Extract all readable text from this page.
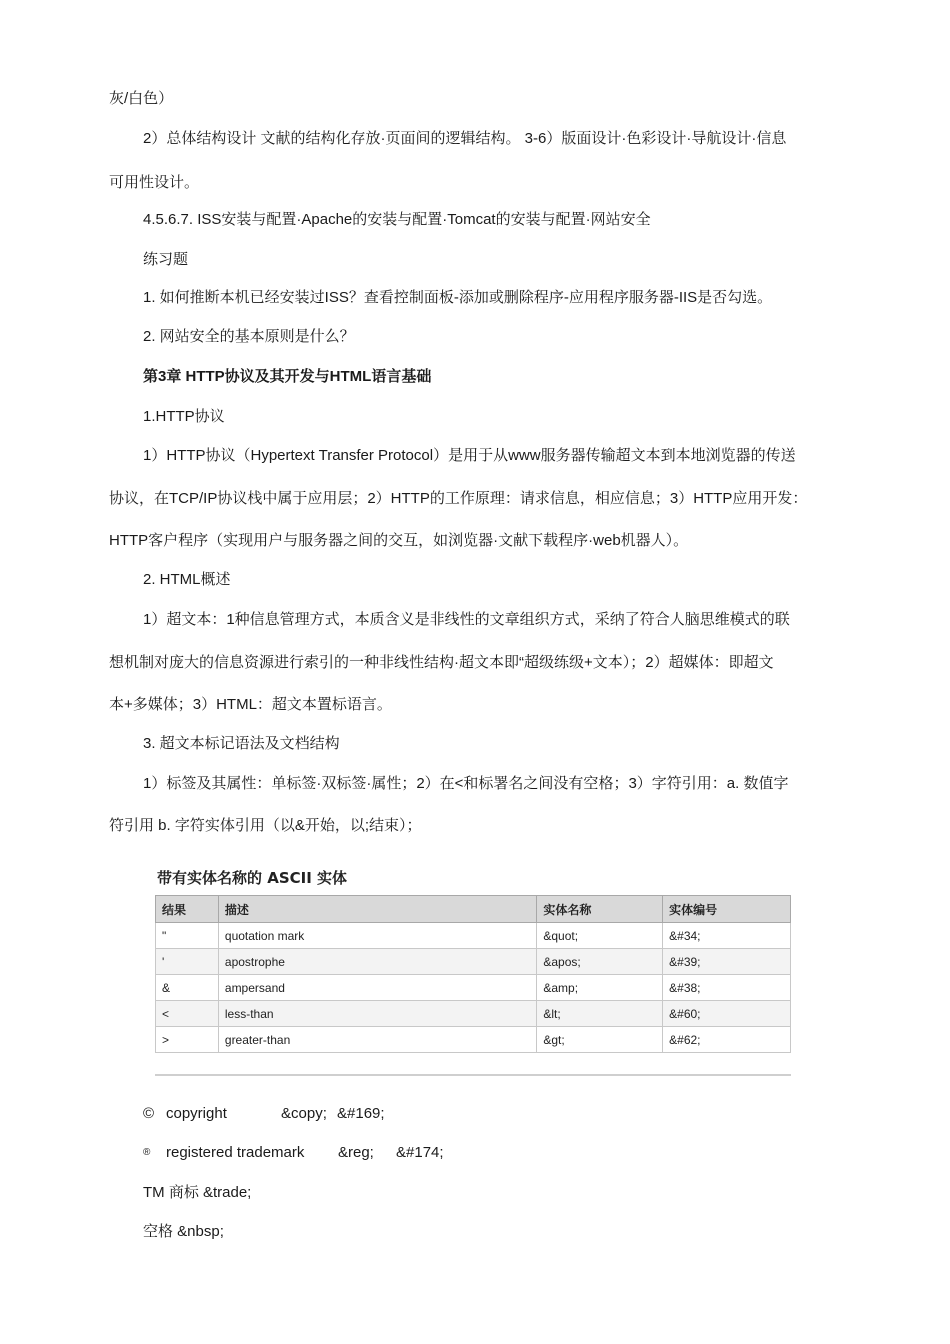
灰/白色）
2）总体结构设计 文献的结构化存放·页面间的逻辑结构。 3-6）版面设计·色彩设计·导航设计·信息
可用性设计。
4.5.6.7. ISS安装与配置·Apache的安装与配置·Tomcat的安装与配置·网站安全
练习题
1. 如何推断本机已经安装过ISS？查看控制面板-添加或删除程序-应用程序服务器-IIS是否勾选。
2. 网站安全的基本原则是什么？
第3章 HTTP协议及其开发与HTML语言基础
1.HTTP协议
1）HTTP协议（Hypertext Transfer Protocol）是用于从www服务器传输超文本到本地浏览器的传送
协议，在TCP/IP协议栈中属于应用层；2）HTTP的工作原理：请求信息，相应信息；3）HTTP应用开发：
HTTP客户程序（实现用户与服务器之间的交互，如浏览器·文献下载程序·web机器人）。
2. HTML概述
1）超文本：1种信息管理方式，本质含义是非线性的文章组织方式，采纳了符合人脑思维模式的联
想机制对庞大的信息资源进行索引的一种非线性结构·超文本即“超级练级+文本）；2）超媒体：即超文
本+多媒体；3）HTML：超文本置标语言。
3. 超文本标记语法及文档结构
1）标签及其属性：单标签·双标签·属性；2）在<和标署名之间没有空格；3）字符引用：a. 数值字
符引用 b. 字符实体引用（以&开始，以;结束）；
带有实体名称的 ASCII 实体
结果	描述	实体名称	实体编号
"	quotation mark	&quot;	&#34;
'	apostrophe	&apos;	&#39;
&	ampersand	&amp;	&#38;
<	less-than	&lt;	&#60;
>	greater-than	&gt;	&#62;
© copyright	&copy; &#169;
® registered trademark &reg; &#174;
TM 商标 &trade;
空格 &nbsp;
